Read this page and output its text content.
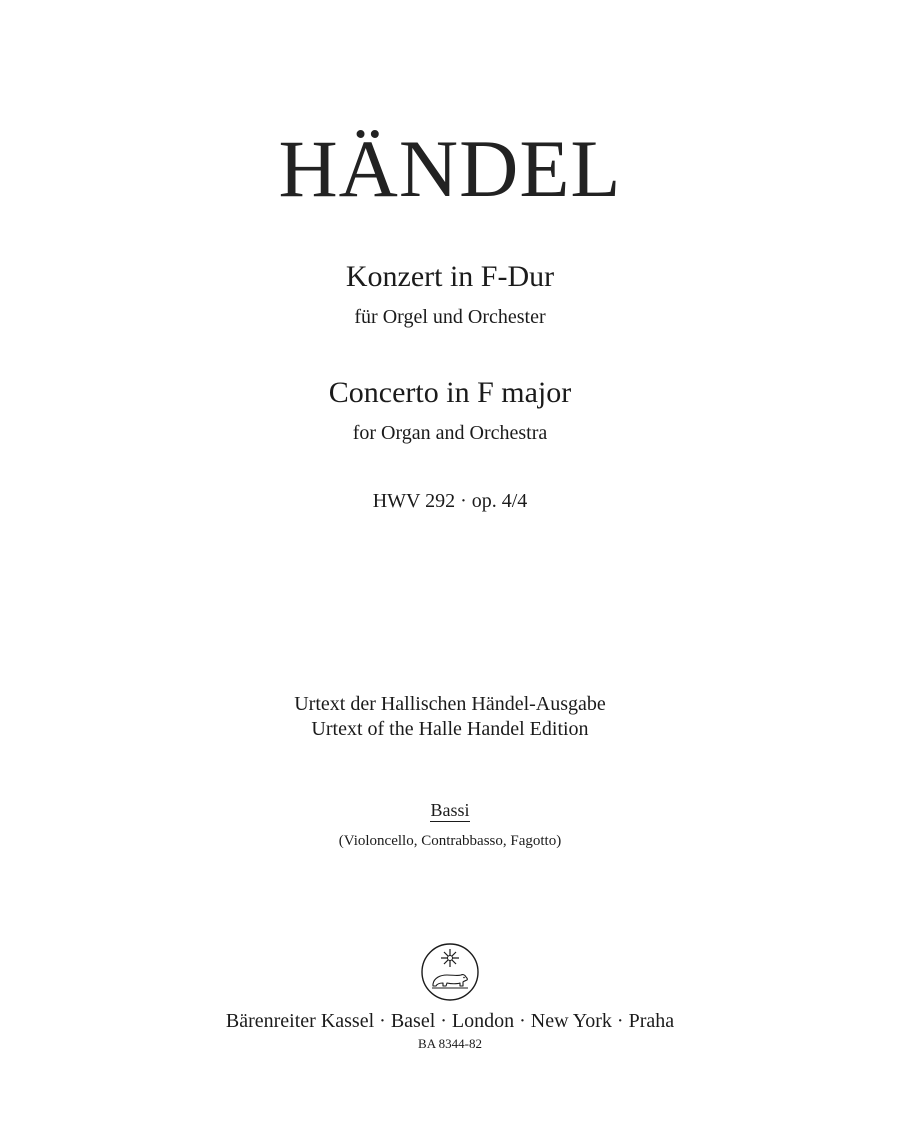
HÄNDEL
Konzert in F-Dur
für Orgel und Orchester
Concerto in F major
for Organ and Orchestra
HWV 292 · op. 4/4
Urtext der Hallischen Händel-Ausgabe
Urtext of the Halle Handel Edition
Bassi
(Violoncello, Contrabbasso, Fagotto)
Bärenreiter Kassel · Basel · London · New York · Praha
BA 8344-82
